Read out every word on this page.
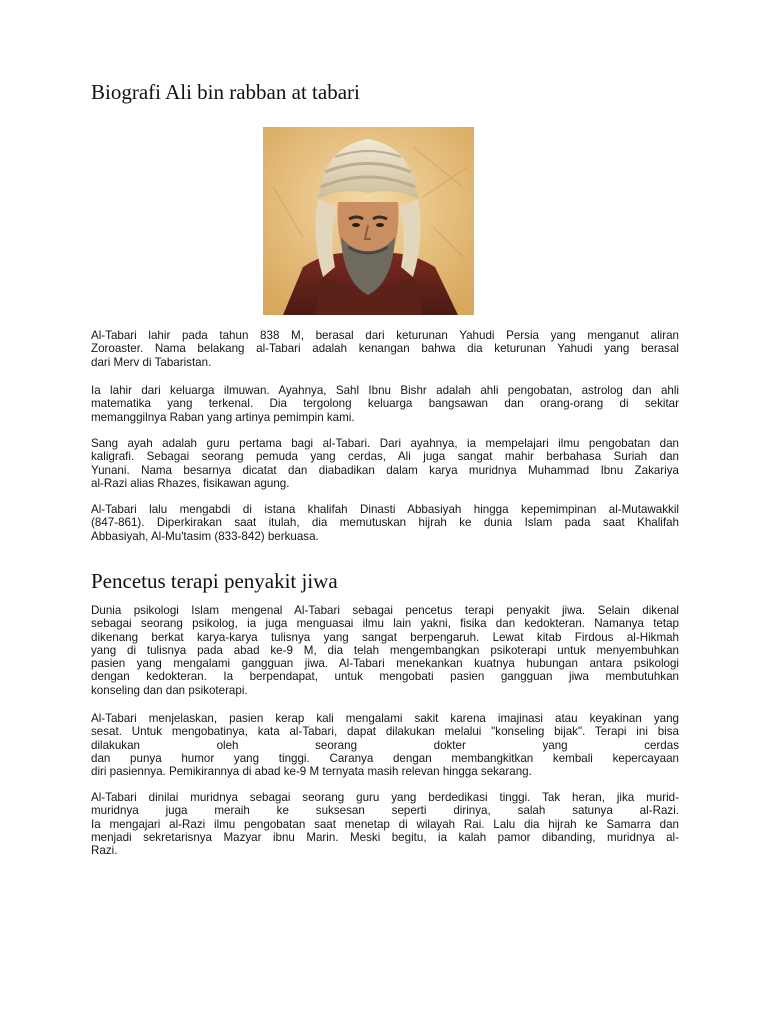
Biografi Ali bin rabban at tabari
Al-Tabari lahir pada tahun 838 M, berasal dari keturunan Yahudi Persia yang menganut aliran
Zoroaster. Nama belakang al-Tabari adalah kenangan bahwa dia keturunan Yahudi yang berasal
dari Merv di Tabaristan.
Ia lahir dari keluarga ilmuwan. Ayahnya, Sahl Ibnu Bishr adalah ahli pengobatan, astrolog dan ahli
matematika yang terkenal. Dia tergolong keluarga bangsawan dan orang-orang di sekitar
memanggilnya Raban yang artinya pemimpin kami.
Sang ayah adalah guru pertama bagi al-Tabari. Dari ayahnya, ia mempelajari ilmu pengobatan dan
kaligrafi. Sebagai seorang pemuda yang cerdas, Ali juga sangat mahir berbahasa Suriah dan
Yunani. Nama besarnya dicatat dan diabadikan dalam karya muridnya Muhammad Ibnu Zakariya
al-Razi alias Rhazes, fisikawan agung.
Al-Tabari lalu mengabdi di istana khalifah Dinasti Abbasiyah hingga kepemimpinan al-Mutawakkil
(847-861). Diperkirakan saat itulah, dia memutuskan hijrah ke dunia Islam pada saat Khalifah
Abbasiyah, Al-Mu'tasim (833-842) berkuasa.
Pencetus terapi penyakit jiwa
Dunia psikologi Islam mengenal Al-Tabari sebagai pencetus terapi penyakit jiwa. Selain dikenal
sebagai seorang psikolog, ia juga menguasai ilmu lain yakni, fisika dan kedokteran. Namanya tetap
dikenang berkat karya-karya tulisnya yang sangat berpengaruh. Lewat kitab Firdous al-Hikmah
yang di tulisnya pada abad ke-9 M, dia telah mengembangkan psikoterapi untuk menyembuhkan
pasien yang mengalami gangguan jiwa. Al-Tabari menekankan kuatnya hubungan antara psikologi
dengan kedokteran. Ia berpendapat, untuk mengobati pasien gangguan jiwa membutuhkan
konseling dan dan psikoterapi.
Al-Tabari menjelaskan, pasien kerap kali mengalami sakit karena imajinasi atau keyakinan yang
sesat. Untuk mengobatinya, kata al-Tabari, dapat dilakukan melalui "konseling bijak". Terapi ini bisa
dilakukan oleh seorang dokter yang cerdas
dan punya humor yang tinggi. Caranya dengan membangkitkan kembali kepercayaan
diri pasiennya. Pemikirannya di abad ke-9 M ternyata masih relevan hingga sekarang.
Al-Tabari dinilai muridnya sebagai seorang guru yang berdedikasi tinggi. Tak heran, jika murid-
muridnya juga meraih ke suksesan seperti dirinya, salah satunya al-Razi.
Ia mengajari al-Razi ilmu pengobatan saat menetap di wilayah Rai. Lalu dia hijrah ke Samarra dan
menjadi sekretarisnya Mazyar ibnu Marin. Meski begitu, ia kalah pamor dibanding, muridnya al-
Razi.
